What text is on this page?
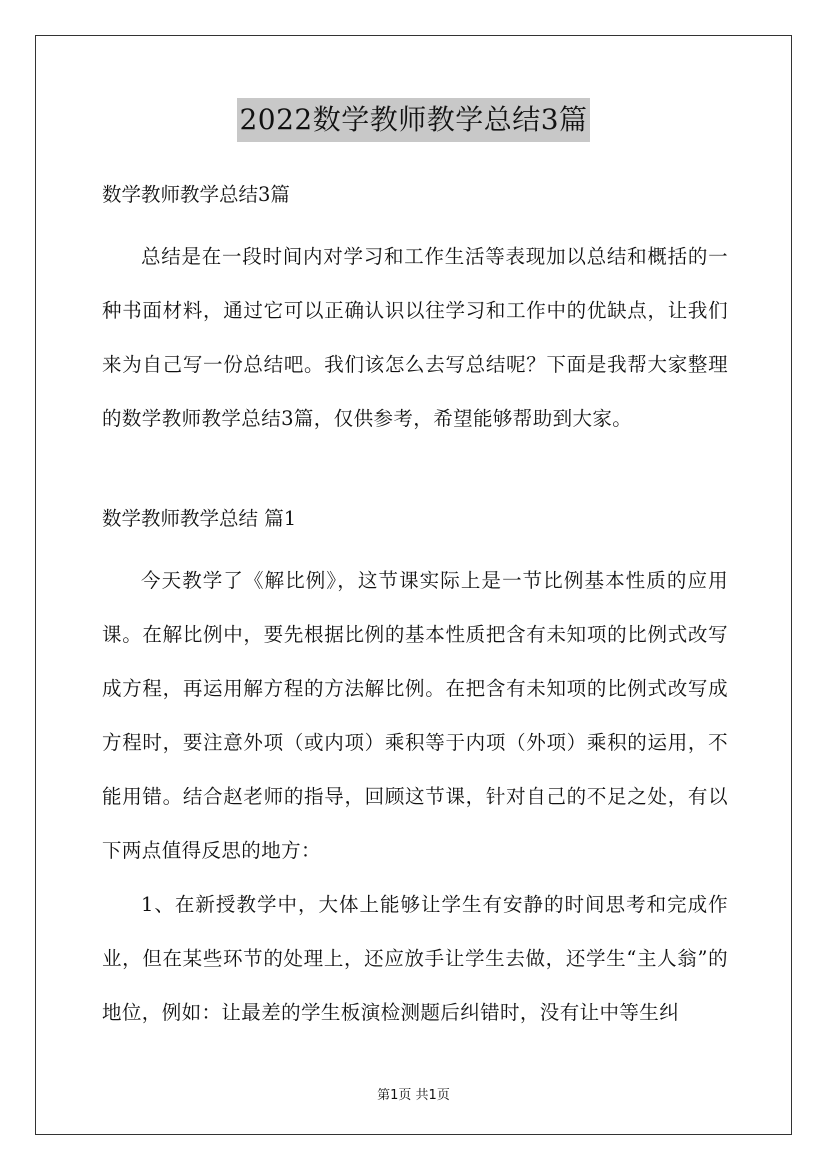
2022数学教师教学总结3篇

数学教师教学总结3篇

总结是在一段时间内对学习和工作生活等表现加以总结和概括的一种书面材料，通过它可以正确认识以往学习和工作中的优缺点，让我们来为自己写一份总结吧。我们该怎么去写总结呢？下面是我帮大家整理的数学教师教学总结3篇，仅供参考，希望能够帮助到大家。

数学教师教学总结 篇1

今天教学了《解比例》，这节课实际上是一节比例基本性质的应用课。在解比例中，要先根据比例的基本性质把含有未知项的比例式改写成方程，再运用解方程的方法解比例。在把含有未知项的比例式改写成方程时，要注意外项（或内项）乘积等于内项（外项）乘积的运用，不能用错。结合赵老师的指导，回顾这节课，针对自己的不足之处，有以下两点值得反思的地方：

1、在新授教学中，大体上能够让学生有安静的时间思考和完成作业，但在某些环节的处理上，还应放手让学生去做，还学生“主人翁”的地位，例如：让最差的学生板演检测题后纠错时，没有让中等生纠

第1页 共1页
